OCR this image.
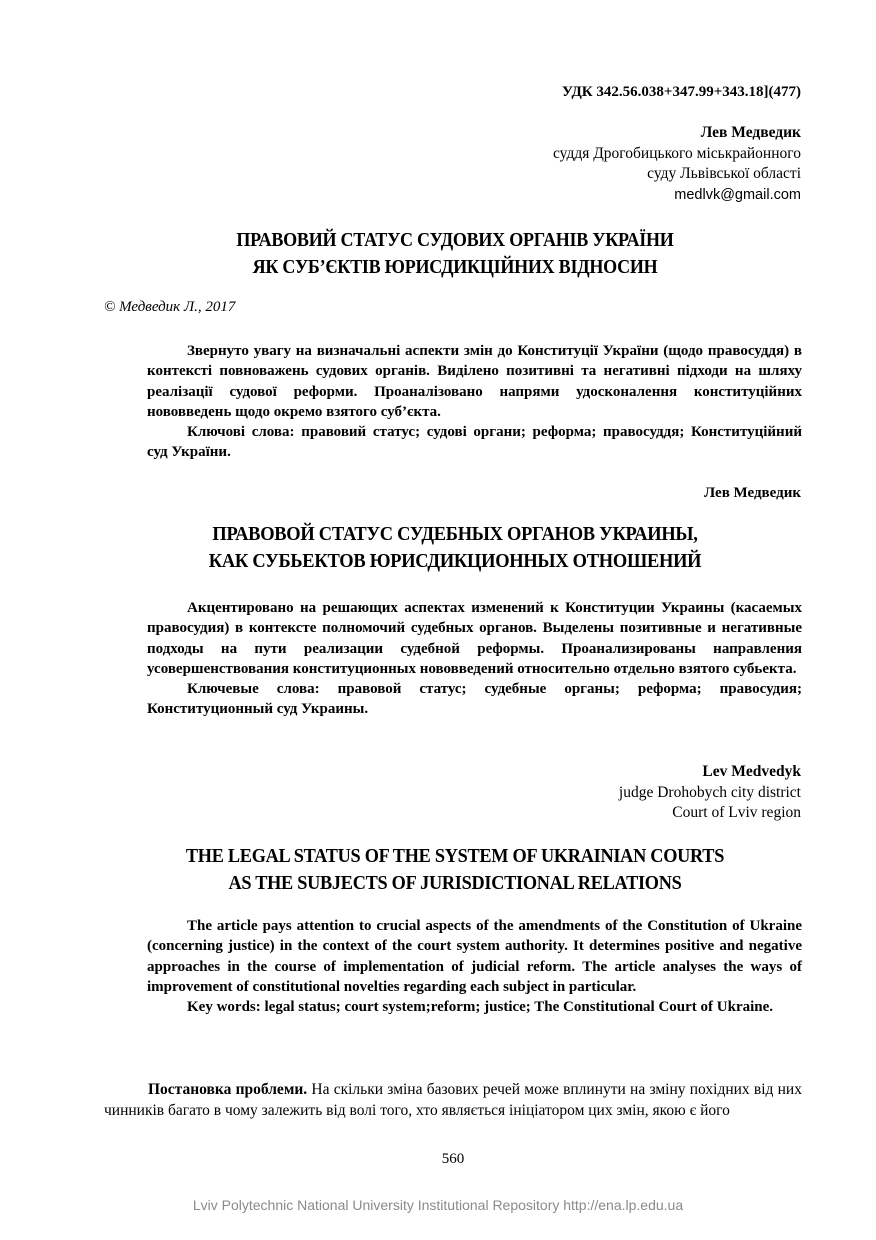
УДК 342.56.038+347.99+343.18](477)
Лев Медведик
суддя Дрогобицького міськрайонного
суду Львівської області
medlvk@gmail.com
ПРАВОВИЙ СТАТУС СУДОВИХ ОРГАНІВ УКРАЇНИ
ЯК СУБ’ЄКТІВ ЮРИСДИКЦІЙНИХ ВІДНОСИН
© Медведик Л., 2017

Звернуто увагу на визначальні аспекти змін до Конституції України (щодо правосуддя) в контексті повноважень судових органів. Виділено позитивні та негативні підходи на шляху реалізації судової реформи. Проаналізовано напрями удосконалення конституційних нововведень щодо окремо взятого суб’єкта.

Ключові слова: правовий статус; судові органи; реформа; правосуддя; Конституційний суд України.

Лев Медведик
ПРАВОВОЙ СТАТУС СУДЕБНЫХ ОРГАНОВ УКРАИНЫ,
КАК СУБЬЕКТОВ ЮРИСДИКЦИОННЫХ ОТНОШЕНИЙ

Акцентировано на решающих аспектах изменений к Конституции Украины (касаемых правосудия) в контексте полномочий судебных органов. Выделены позитивные и негативные подходы на пути реализации судебной реформы. Проанализированы направления усовершенствования конституционных нововведений относительно отдельно взятого субьекта.

Ключевые слова: правовой статус; судебные органы; реформа; правосудия; Конституционный суд Украины.

Lev Medvedyk
judge Drohobych city district
Court of Lviv region
THE LEGAL STATUS OF THE SYSTEM OF UKRAINIAN COURTS
AS THE SUBJECTS OF JURISDICTIONAL RELATIONS

The article pays attention to crucial aspects of the amendments of the Constitution of Ukraine (concerning justice) in the context of the court system authority. It determines positive and negative approaches in the course of implementation of judicial reform. The article analyses the ways of improvement of constitutional novelties regarding each subject in particular.

Key words: legal status; court system;reform; justice; The Constitutional Court of Ukraine.

Постановка проблеми. На скільки зміна базових речей може вплинути на зміну похідних від них чинників багато в чому залежить від волі того, хто являється ініціатором цих змін, якою є його

560
Lviv Polytechnic National University Institutional Repository http://ena.lp.edu.ua
